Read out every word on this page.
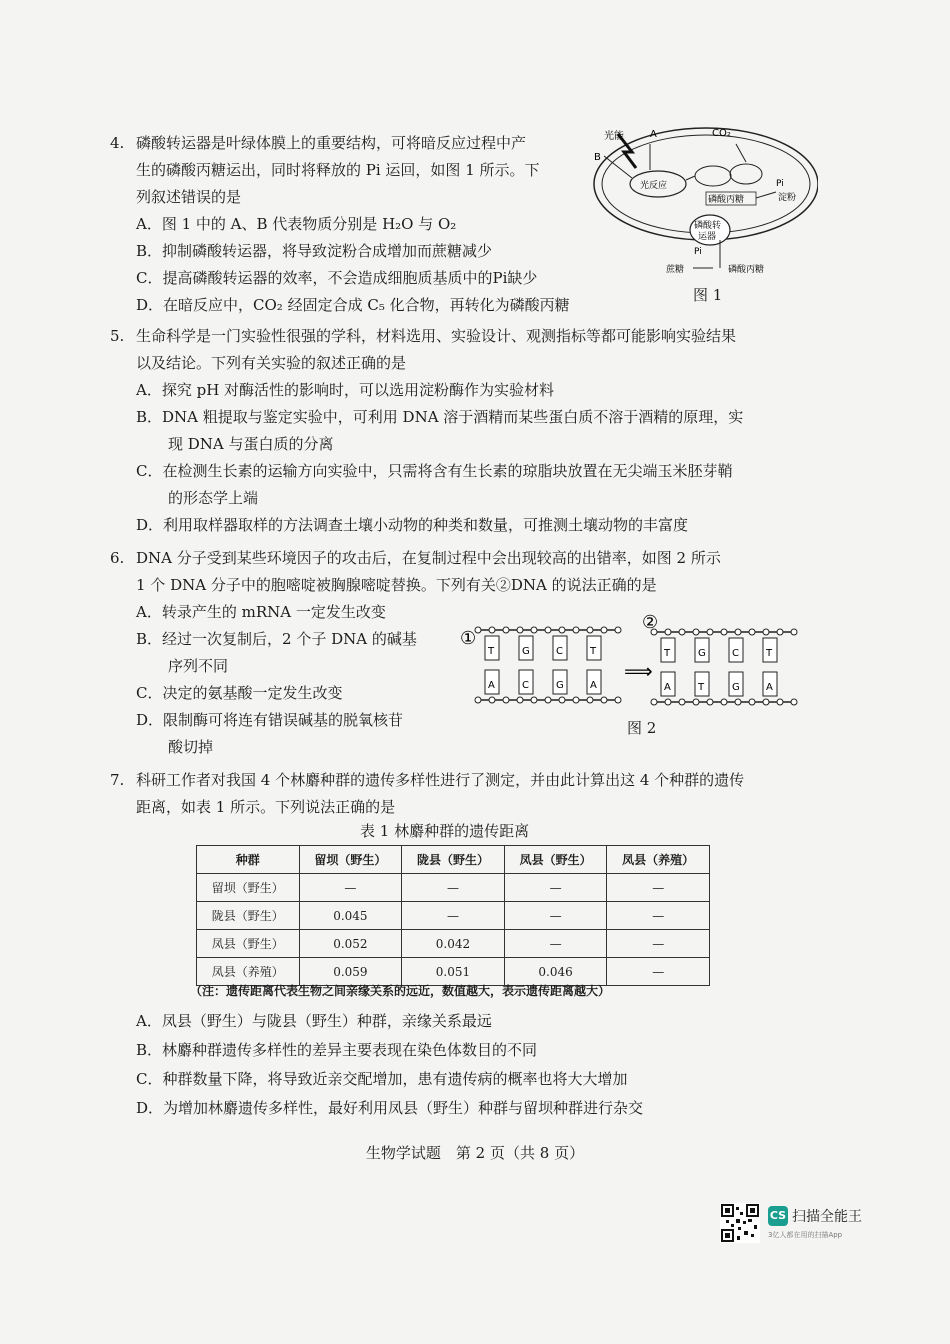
4. 磷酸转运器是叶绿体膜上的重要结构，可将暗反应过程中产
生的磷酸丙糖运出，同时将释放的 Pi 运回，如图 1 所示。下
列叙述错误的是
A．图 1 中的 A、B 代表物质分别是 H₂O 与 O₂
B．抑制磷酸转运器，将导致淀粉合成增加而蔗糖减少
C．提高磷酸转运器的效率，不会造成细胞质基质中的Pi缺少
D．在暗反应中，CO₂ 经固定合成 C₅ 化合物，再转化为磷酸丙糖
光能	A
B
CO₂
光反应	Pi
淀粉
磷酸丙糖
磷酸转
运器
Pi
蔗糖	磷酸丙糖
图 1
5. 生命科学是一门实验性很强的学科，材料选用、实验设计、观测指标等都可能影响实验结果
以及结论。下列有关实验的叙述正确的是
A．探究 pH 对酶活性的影响时，可以选用淀粉酶作为实验材料
B．DNA 粗提取与鉴定实验中，可利用 DNA 溶于酒精而某些蛋白质不溶于酒精的原理，实
现 DNA 与蛋白质的分离
C．在检测生长素的运输方向实验中，只需将含有生长素的琼脂块放置在无尖端玉米胚芽鞘
的形态学上端
D．利用取样器取样的方法调查土壤小动物的种类和数量，可推测土壤动物的丰富度
6. DNA 分子受到某些环境因子的攻击后，在复制过程中会出现较高的出错率，如图 2 所示
1 个 DNA 分子中的胞嘧啶被胸腺嘧啶替换。下列有关②DNA 的说法正确的是
A．转录产生的 mRNA 一定发生改变
B．经过一次复制后，2 个子 DNA 的碱基
序列不同
C．决定的氨基酸一定发生改变
D．限制酶可将连有错误碱基的脱氧核苷
酸切掉
T
A
G
C
C
G
T
A
T
A
G
T
C
G
T
A
①
②
⟹
图 2
7. 科研工作者对我国 4 个林麝种群的遗传多样性进行了测定，并由此计算出这 4 个种群的遗传
距离，如表 1 所示。下列说法正确的是
表 1 林麝种群的遗传距离
种群	留坝（野生）	陇县（野生）	凤县（野生）	凤县（养殖）
留坝（野生）	—	—	—	—
陇县（野生）	0.045	—	—	—
凤县（野生）	0.052	0.042	—	—
凤县（养殖）	0.059	0.051	0.046	—
（注：遗传距离代表生物之间亲缘关系的远近，数值越大，表示遗传距离越大）
A．凤县（野生）与陇县（野生）种群，亲缘关系最远
B．林麝种群遗传多样性的差异主要表现在染色体数目的不同
C．种群数量下降，将导致近亲交配增加，患有遗传病的概率也将大大增加
D．为增加林麝遗传多样性，最好利用凤县（野生）种群与留坝种群进行杂交
生物学试题　第 2 页（共 8 页）
CS 扫描全能王
3亿人都在用的扫描App
